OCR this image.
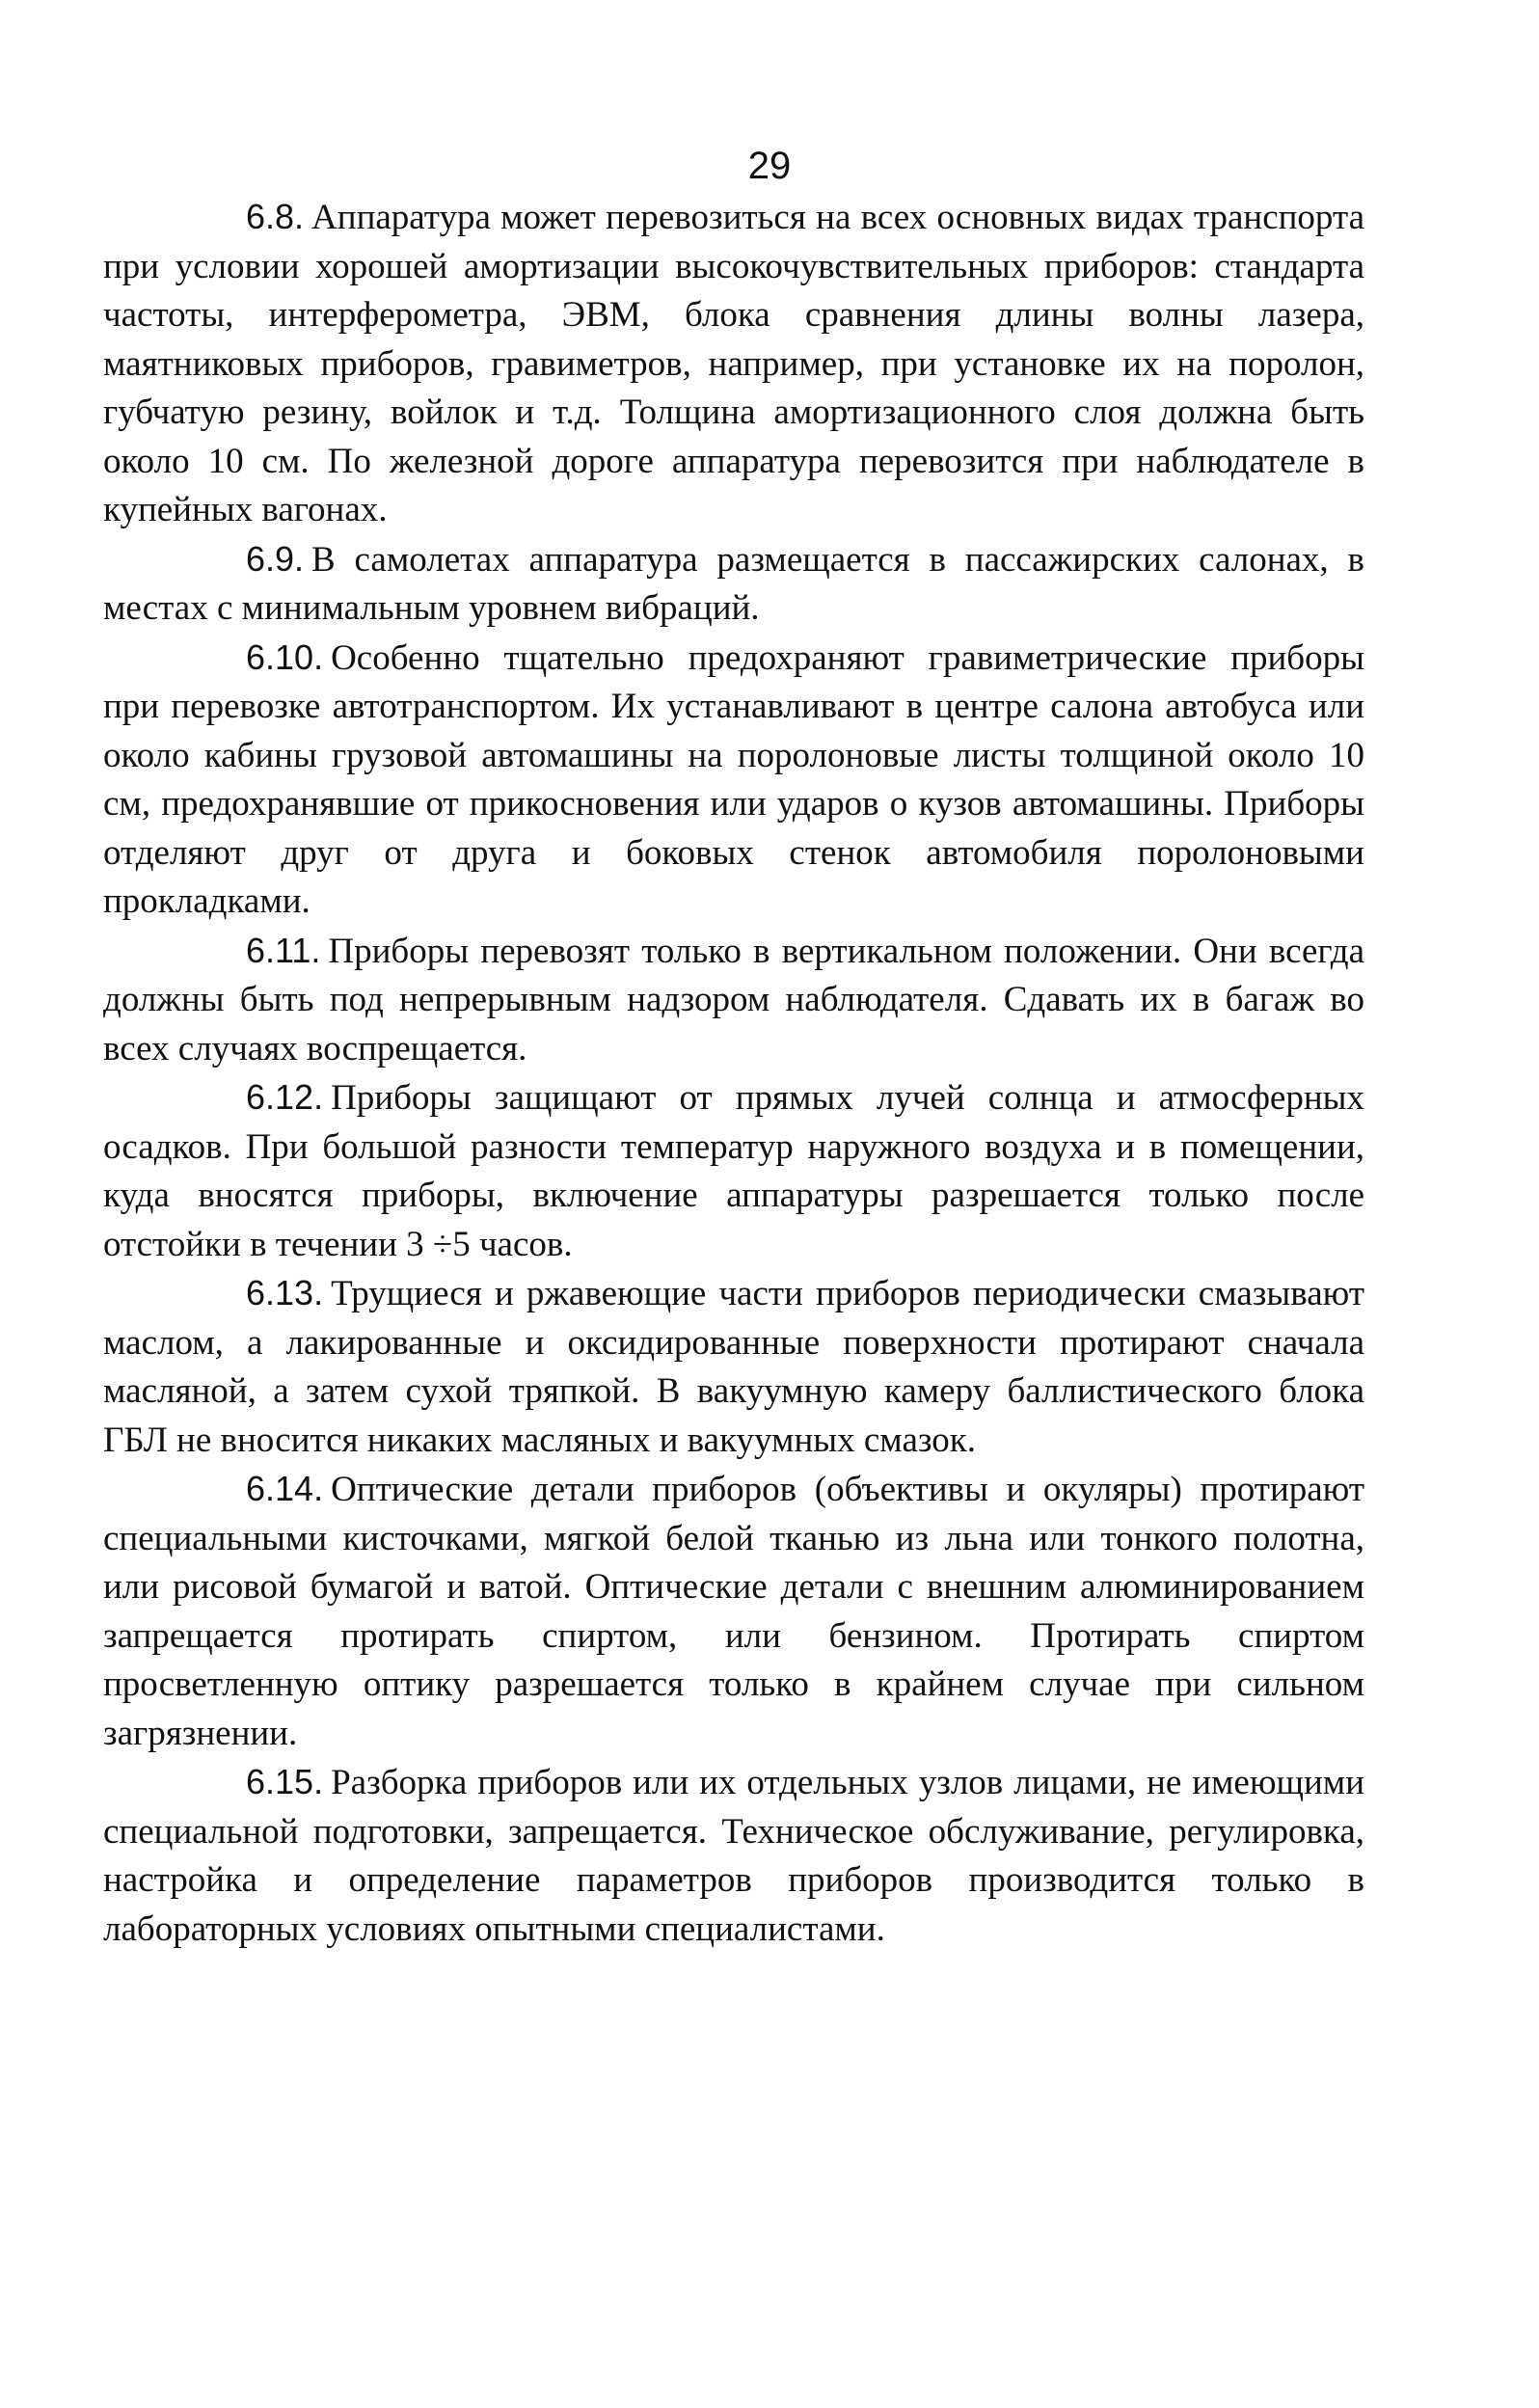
29

6.8. Аппаратура может перевозиться на всех основных видах транспорта при условии хорошей амортизации высокочувствительных приборов: стандарта частоты, интерферометра, ЭВМ, блока сравнения длины волны лазера, маятниковых приборов, гравиметров, например, при установке их на поролон, губчатую резину, войлок и т.д. Толщина амортизационного слоя должна быть около 10 см. По железной дороге аппаратура перевозится при наблюдателе в купейных вагонах.

6.9. В самолетах аппаратура размещается в пассажирских салонах, в местах с минимальным уровнем вибраций.

6.10. Особенно тщательно предохраняют гравиметрические приборы при перевозке автотранспортом. Их устанавливают в центре салона автобуса или около кабины грузовой автомашины на поролоновые листы толщиной около 10 см, предохранявшие от прикосновения или ударов о кузов автомашины. Приборы отделяют друг от друга и боковых стенок автомобиля поролоновыми прокладками.

6.11. Приборы перевозят только в вертикальном положении. Они всегда должны быть под непрерывным надзором наблюдателя. Сдавать их в багаж во всех случаях воспрещается.

6.12. Приборы защищают от прямых лучей солнца и атмосферных осадков. При большой разности температур наружного воздуха и в помещении, куда вносятся приборы, включение аппаратуры разрешается только после отстойки в течении 3 ÷5 часов.

6.13. Трущиеся и ржавеющие части приборов периодически смазывают маслом, а лакированные и оксидированные поверхности протирают сначала масляной, а затем сухой тряпкой. В вакуумную камеру баллистического блока ГБЛ не вносится никаких масляных и вакуумных смазок.

6.14. Оптические детали приборов (объективы и окуляры) протирают специальными кисточками, мягкой белой тканью из льна или тонкого полотна, или рисовой бумагой и ватой. Оптические детали с внешним алюминированием запрещается протирать спиртом, или бензином. Протирать спиртом просветленную оптику разрешается только в крайнем случае при сильном загрязнении.

6.15. Разборка приборов или их отдельных узлов лицами, не имеющими специальной подготовки, запрещается. Техническое обслуживание, регулировка, настройка и определение параметров приборов производится только в лабораторных условиях опытными специалистами.
